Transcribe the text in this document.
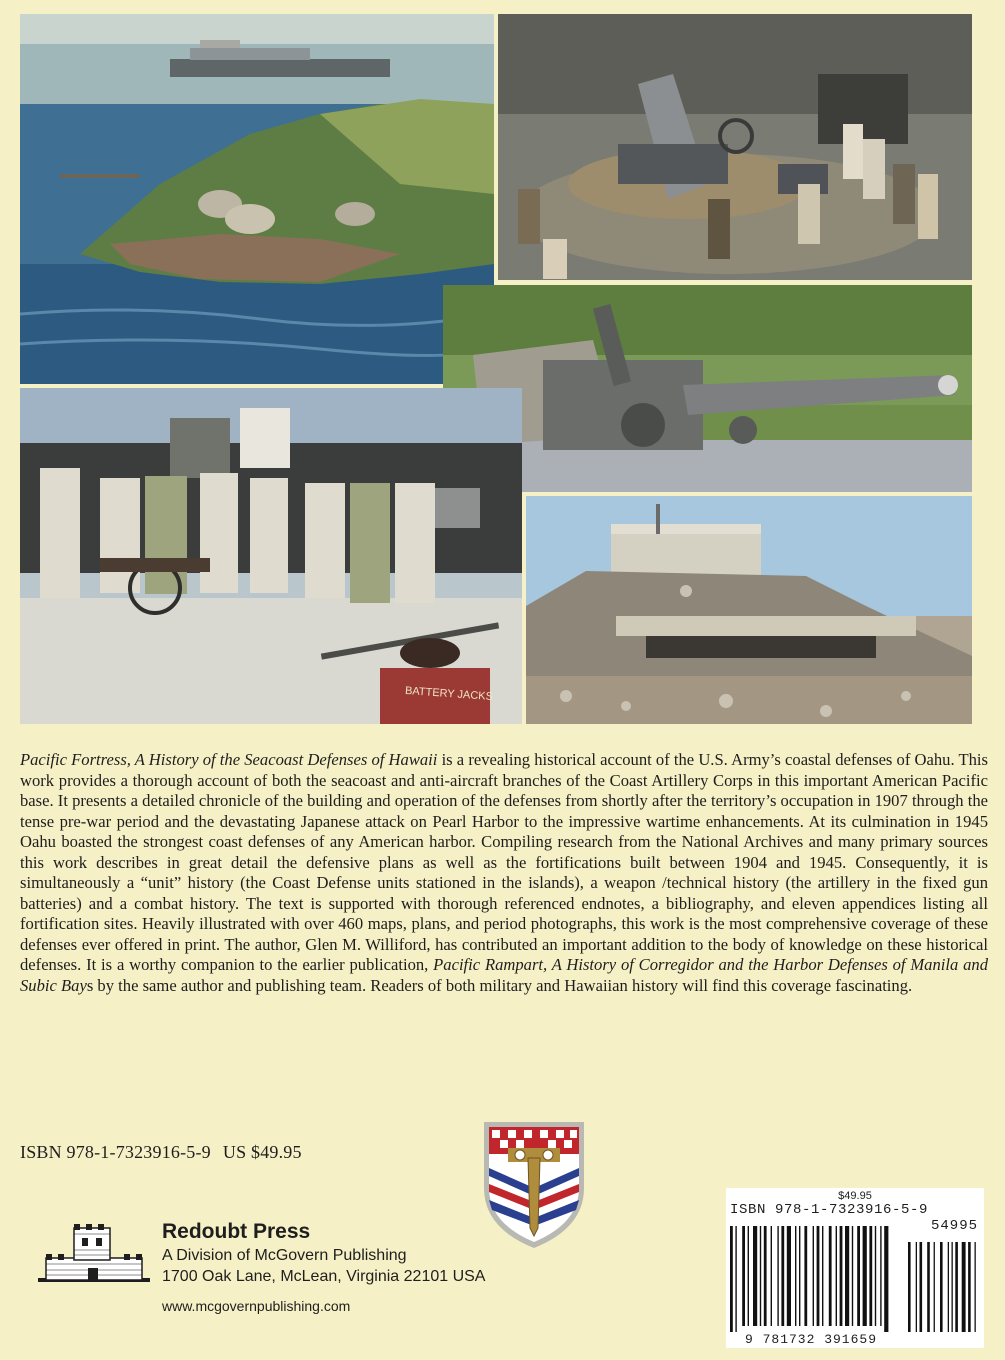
BATTERY JACKS

Pacific Fortress, A History of the Seacoast Defenses of Hawaii is a revealing historical account of the U.S. Army’s coastal defenses of Oahu. This work provides a thorough account of both the seacoast and anti-aircraft branches of the Coast Artillery Corps in this important American Pacific base. It presents a detailed chronicle of the building and operation of the defenses from shortly after the territory’s occupation in 1907 through the tense pre-war period and the devastating Japanese attack on Pearl Harbor to the impressive wartime enhancements. At its culmination in 1945 Oahu boasted the strongest coast defenses of any American harbor. Compiling research from the National Archives and many primary sources this work describes in great detail the defensive plans as well as the fortifications built between 1904 and 1945. Consequently, it is simultaneously a “unit” history (the Coast Defense units stationed in the islands), a weapon /technical history (the artillery in the fixed gun batteries) and a combat history. The text is supported with thorough referenced endnotes, a bibliography, and eleven appendices listing all fortification sites. Heavily illustrated with over 460 maps, plans, and period photographs, this work is the most comprehensive coverage of these defenses ever offered in print. The author, Glen M. Williford, has contributed an important addition to the body of knowledge on these historical defenses. It is a worthy companion to the earlier publication, Pacific Rampart, A History of Corregidor and the Harbor Defenses of Manila and Subic Bays by the same author and publishing team. Readers of both military and Hawaiian history will find this coverage fascinating.

ISBN 978-1-7323916-5-9 US $49.95
Redoubt Press
A Division of McGovern Publishing
1700 Oak Lane, McLean, Virginia 22101 USA
www.mcgovernpublishing.com
$49.95
ISBN 978-1-7323916-5-9
54995
9 781732 391659
